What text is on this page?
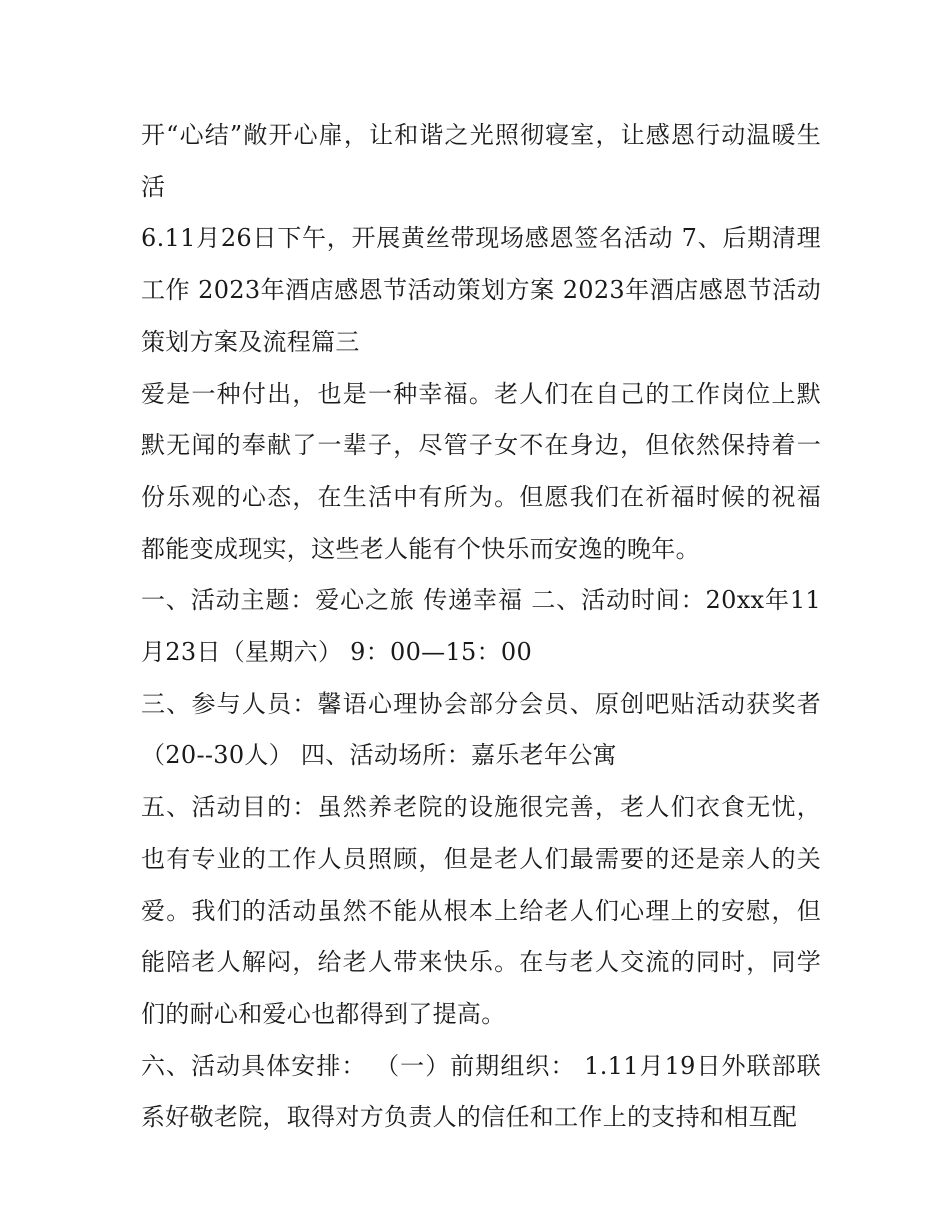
开“心结”敞开心扉，让和谐之光照彻寝室，让感恩行动温暖生活

6.11月26日下午，开展黄丝带现场感恩签名活动 7、后期清理工作 2023年酒店感恩节活动策划方案 2023年酒店感恩节活动策划方案及流程篇三

爱是一种付出，也是一种幸福。老人们在自己的工作岗位上默默无闻的奉献了一辈子，尽管子女不在身边，但依然保持着一份乐观的心态，在生活中有所为。但愿我们在祈福时候的祝福都能变成现实，这些老人能有个快乐而安逸的晚年。

一、活动主题：爱心之旅 传递幸福 二、活动时间：20xx年11月23日（星期六） 9：00—15：00

三、参与人员：馨语心理协会部分会员、原创吧贴活动获奖者（20--30人） 四、活动场所：嘉乐老年公寓

五、活动目的：虽然养老院的设施很完善，老人们衣食无忧，也有专业的工作人员照顾，但是老人们最需要的还是亲人的关爱。我们的活动虽然不能从根本上给老人们心理上的安慰，但能陪老人解闷，给老人带来快乐。在与老人交流的同时，同学们的耐心和爱心也都得到了提高。

六、活动具体安排： （一）前期组织： 1.11月19日外联部联系好敬老院，取得对方负责人的信任和工作上的支持和相互配
